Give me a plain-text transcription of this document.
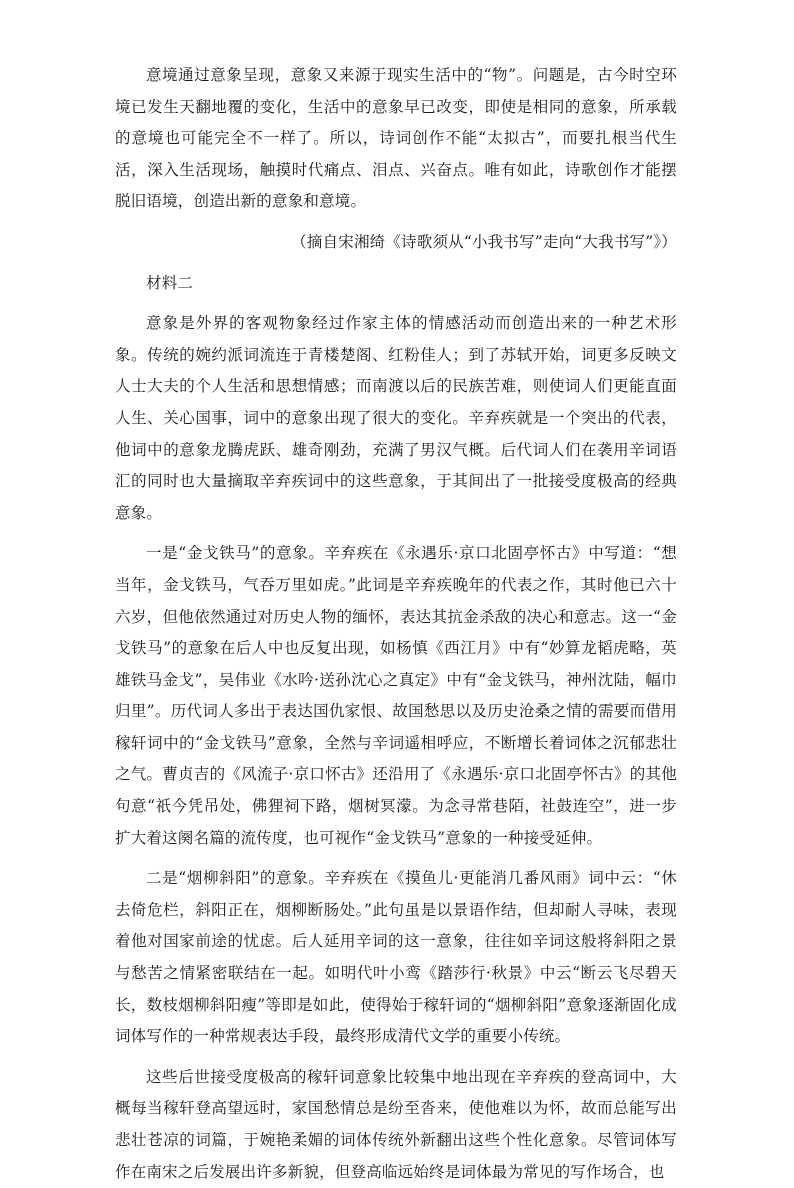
意境通过意象呈现，意象又来源于现实生活中的“物”。问题是，古今时空环境已发生天翻地覆的变化，生活中的意象早已改变，即使是相同的意象，所承载的意境也可能完全不一样了。所以，诗词创作不能“太拟古”，而要扎根当代生活，深入生活现场，触摸时代痛点、泪点、兴奋点。唯有如此，诗歌创作才能摆脱旧语境，创造出新的意象和意境。

（摘自宋湘绮《诗歌须从“小我书写”走向“大我书写”》）

材料二

意象是外界的客观物象经过作家主体的情感活动而创造出来的一种艺术形象。传统的婉约派词流连于青楼楚阁、红粉佳人；到了苏轼开始，词更多反映文人士大夫的个人生活和思想情感；而南渡以后的民族苦难，则使词人们更能直面人生、关心国事，词中的意象出现了很大的变化。辛弃疾就是一个突出的代表，他词中的意象龙腾虎跃、雄奇刚劲，充满了男汉气概。后代词人们在袭用辛词语汇的同时也大量摘取辛弃疾词中的这些意象，于其间出了一批接受度极高的经典意象。

一是“金戈铁马”的意象。辛弃疾在《永遇乐·京口北固亭怀古》中写道：“想当年，金戈铁马，气吞万里如虎。”此词是辛弃疾晚年的代表之作，其时他已六十六岁，但他依然通过对历史人物的缅怀，表达其抗金杀敌的决心和意志。这一“金戈铁马”的意象在后人中也反复出现，如杨慎《西江月》中有“妙算龙韬虎略，英雄铁马金戈”，吴伟业《水吟·送孙沈心之真定》中有“金戈铁马，神州沈陆，幅巾归里”。历代词人多出于表达国仇家恨、故国愁思以及历史沧桑之情的需要而借用稼轩词中的“金戈铁马”意象，全然与辛词遥相呼应，不断增长着词体之沉郁悲壮之气。曹贞吉的《风流子·京口怀古》还沿用了《永遇乐·京口北固亭怀古》的其他句意“祇今凭吊处，佛狸祠下路，烟树冥濛。为念寻常巷陌，社鼓连空”，进一步扩大着这阕名篇的流传度，也可视作“金戈铁马”意象的一种接受延伸。

二是“烟柳斜阳”的意象。辛弃疾在《摸鱼儿·更能消几番风雨》词中云：“休去倚危栏，斜阳正在，烟柳断肠处。”此句虽是以景语作结，但却耐人寻味，表现着他对国家前途的忧虑。后人延用辛词的这一意象，往往如辛词这般将斜阳之景与愁苦之情紧密联结在一起。如明代叶小鸾《踏莎行·秋景》中云“断云飞尽碧天长，数枝烟柳斜阳瘦”等即是如此，使得始于稼轩词的“烟柳斜阳”意象逐渐固化成词体写作的一种常规表达手段，最终形成清代文学的重要小传统。

这些后世接受度极高的稼轩词意象比较集中地出现在辛弃疾的登高词中，大概每当稼轩登高望远时，家国愁情总是纷至沓来，使他难以为怀，故而总能写出悲壮苍凉的词篇，于婉艳柔媚的词体传统外新翻出这些个性化意象。尽管词体写作在南宋之后发展出许多新貌，但登高临远始终是词体最为常见的写作场合，也
